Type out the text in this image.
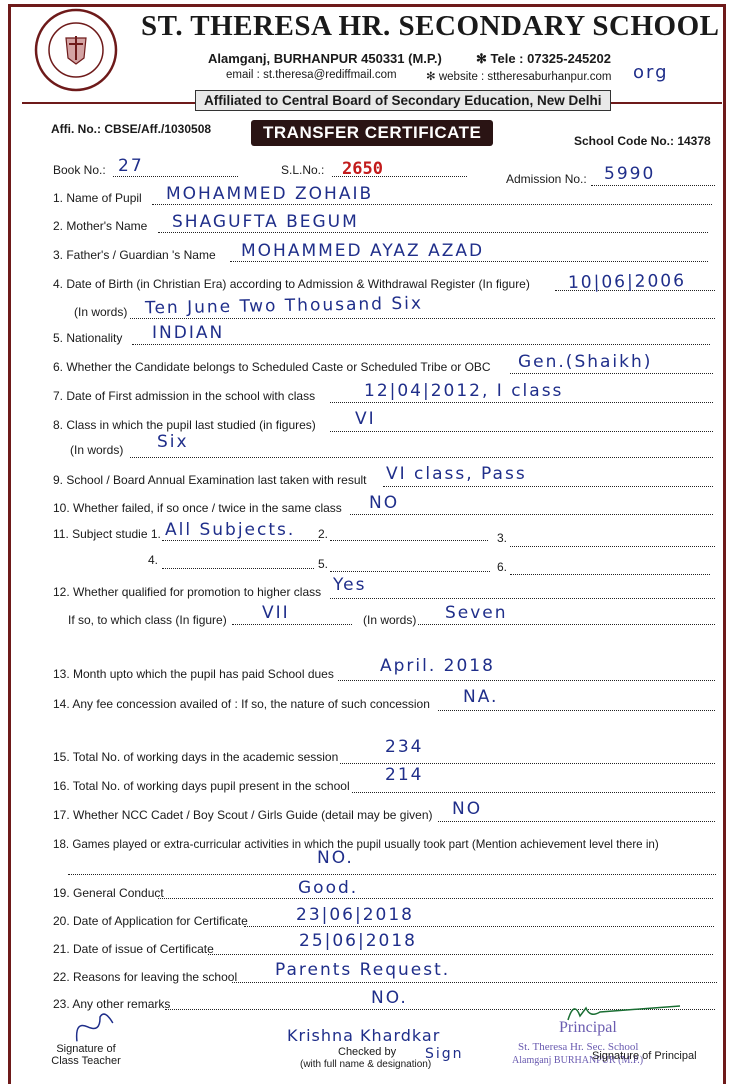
ST. THERESA HR. SECONDARY SCHOOL
Alamganj, BURHANPUR 450331 (M.P.)	✻ Tele : 07325-245202
email : st.theresa@rediffmail.com	✻ website : sttheresaburhanpur.com org
Affiliated to Central Board of Secondary Education, New Delhi
Affi. No.: CBSE/Aff./1030508	TRANSFER CERTIFICATE	School Code No.: 14378
Book No.: 27	S.L.No.: 2650	Admission No.: 5990
1. Name of Pupil MOHAMMED ZOHAIB
2. Mother's Name SHAGUFTA BEGUM
3. Father's / Guardian 's Name MOHAMMED AYAZ AZAD
4. Date of Birth (in Christian Era) according to Admission & Withdrawal Register (In figure) 10|06|2006
(In words) Ten June Two Thousand Six
5. Nationality INDIAN
6. Whether the Candidate belongs to Scheduled Caste or Scheduled Tribe or OBC Gen.(Shaikh)
7. Date of First admission in the school with class	12|04|2012, I class
8. Class in which the pupil last studied (in figures) VI
(In words) Six
9. School / Board Annual Examination last taken with result VI class, Pass
10. Whether failed, if so once / twice in the same class NO
11. Subject studie 1. All Subjects. 2.	3.
4.	5.	6.
12. Whether qualified for promotion to higher class Yes
If so, to which class (In figure) VII	(In words) Seven
13. Month upto which the pupil has paid School dues	April. 2018
14. Any fee concession availed of : If so, the nature of such concession NA.
15. Total No. of working days in the academic session	234
16. Total No. of working days pupil present in the school
214
17. Whether NCC Cadet / Boy Scout / Girls Guide (detail may be given) NO
18. Games played or extra-curricular activities in which the pupil usually took part (Mention achievement level there in)
NO.
19. General Conduct	Good.
20. Date of Application for Certificate	23|06|2018
21. Date of issue of Certificate	25|06|2018
22. Reasons for leaving the school Parents Request.
23. Any other remarks	NO.
Signature of Class Teacher
Krishna Khardkar
Sign
Checked by
(with full name & designation)
Principal
St. Theresa Hr. Sec. School
Alamganj BURHANPUR (M.P.)
Signature of Principal
